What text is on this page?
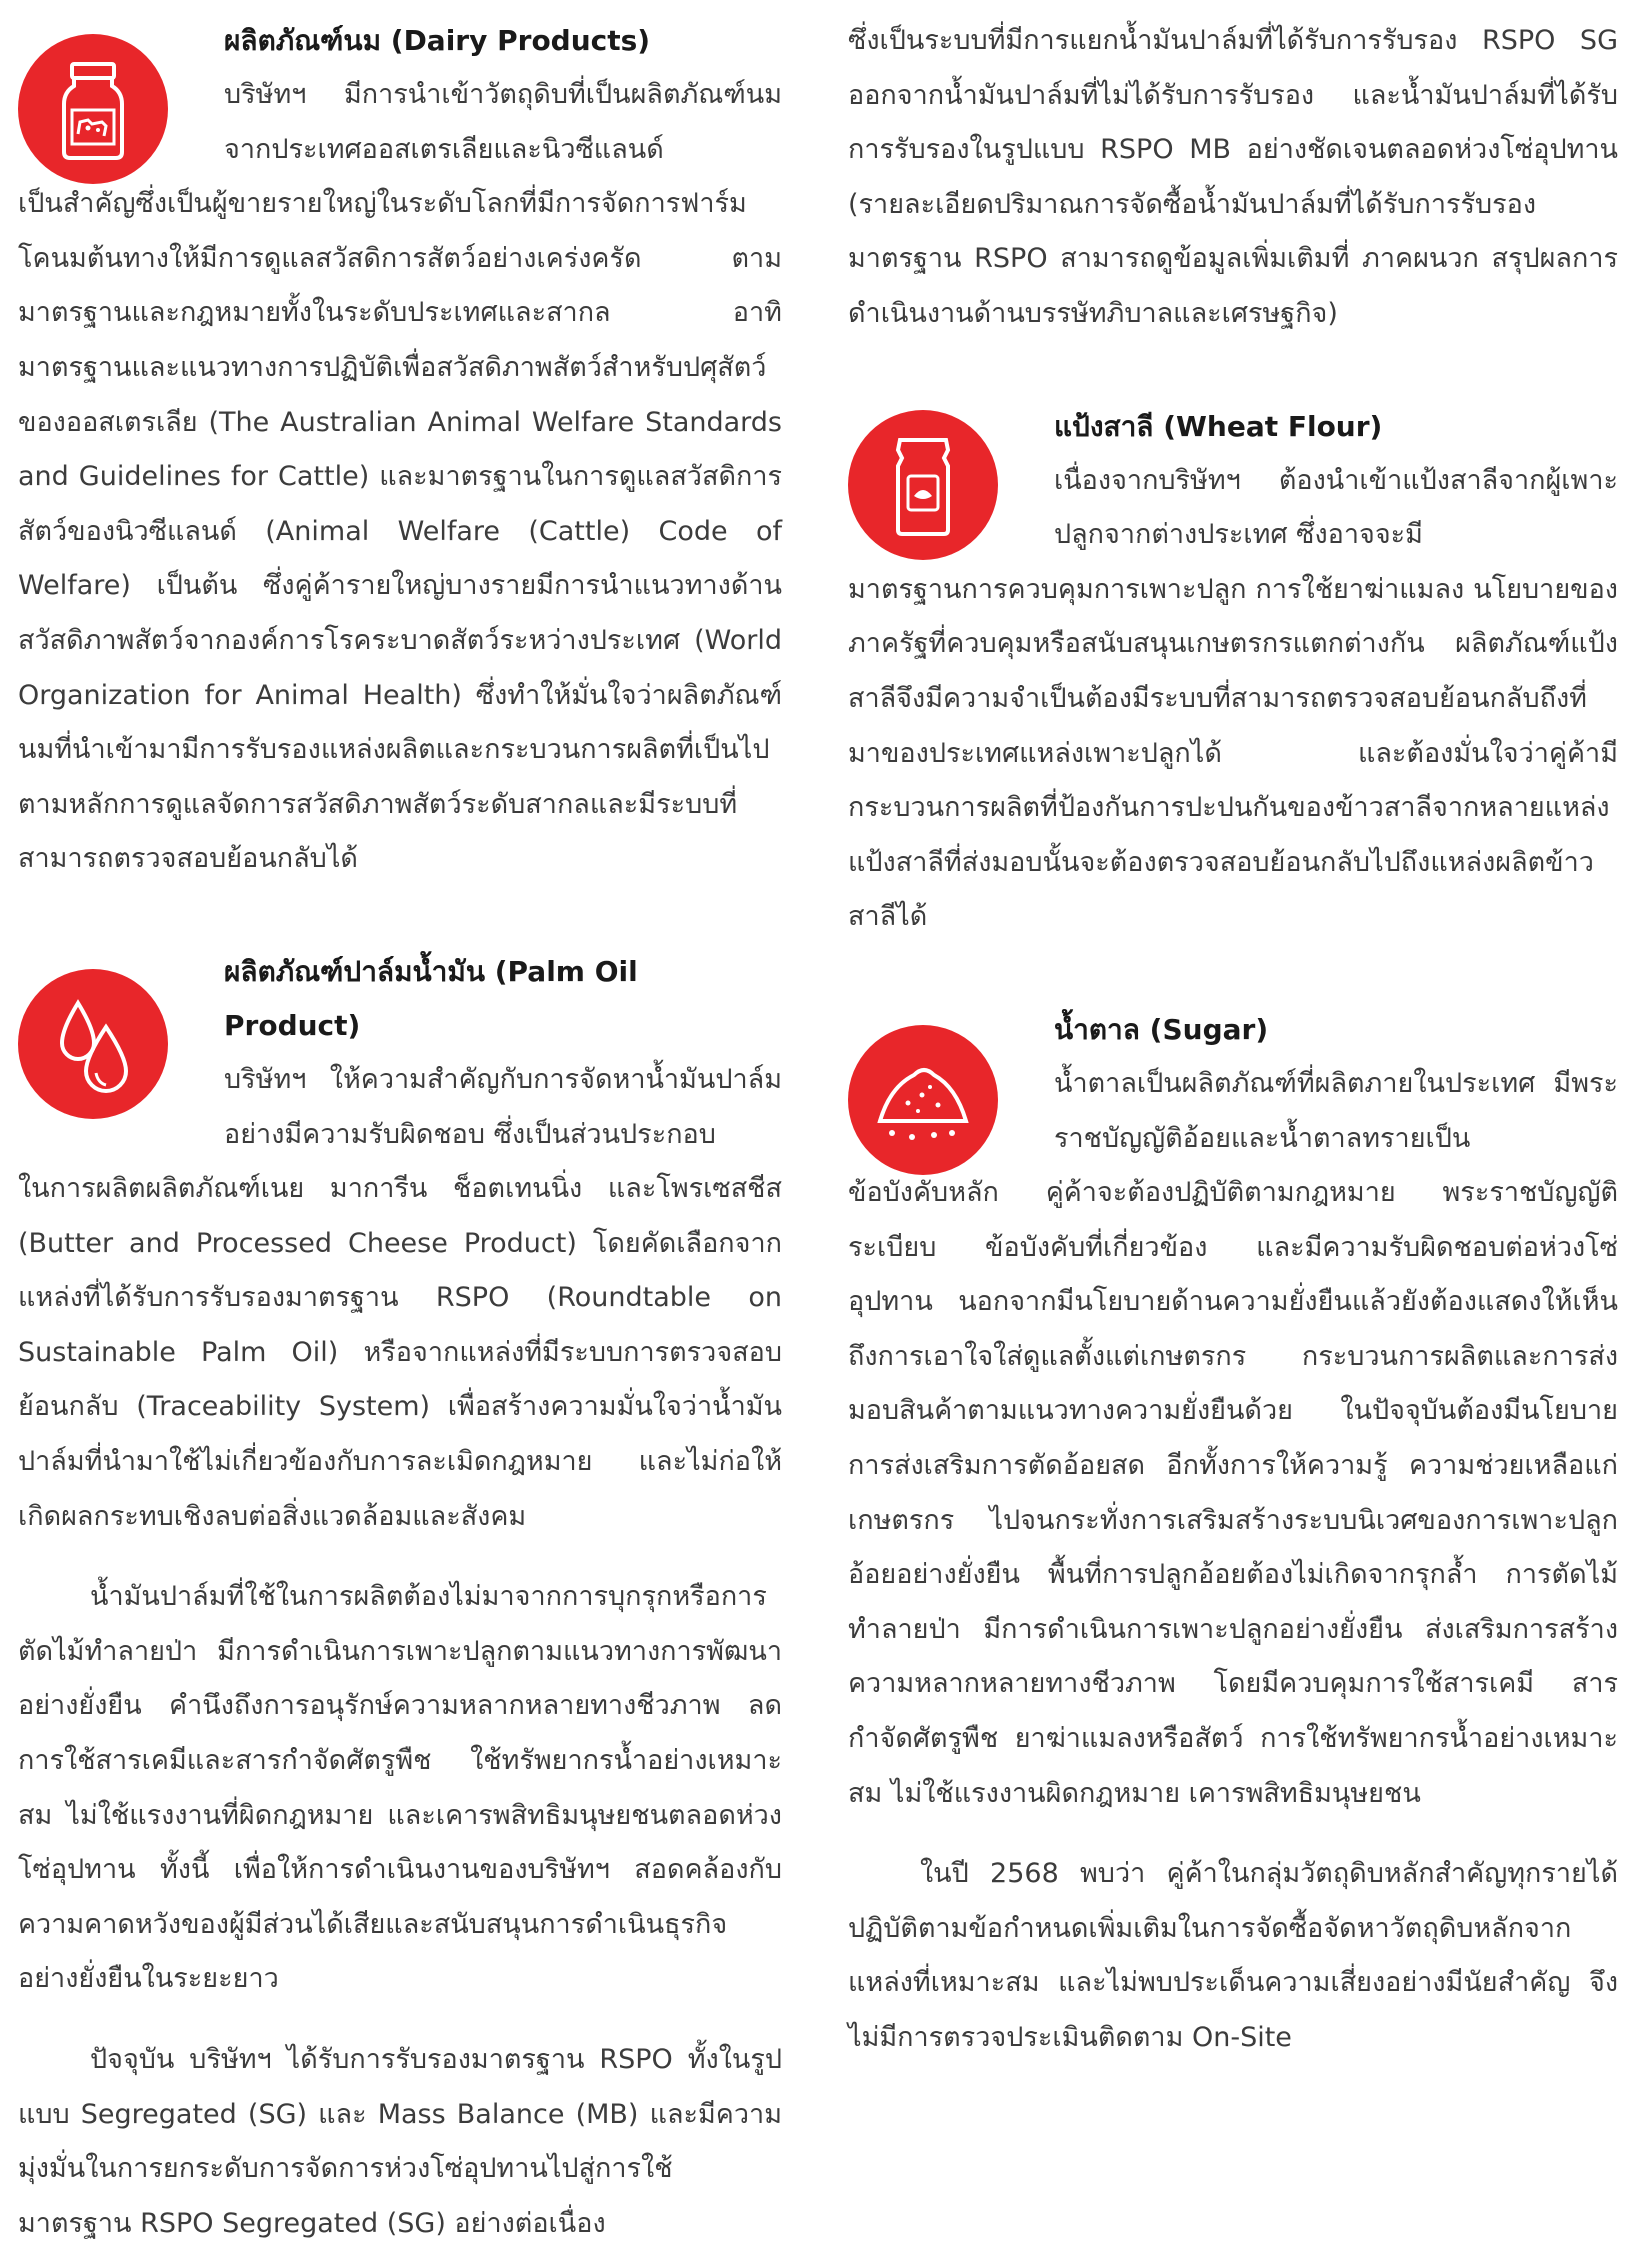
ผลิตภัณฑ์นม (Dairy Products)

บริษัทฯ มีการนำเข้าวัตถุดิบที่เป็นผลิตภัณฑ์นมจากประเทศออสเตรเลียและนิวซีแลนด์

เป็นสำคัญซึ่งเป็นผู้ขายรายใหญ่ในระดับโลกที่มีการจัดการฟาร์มโคนมต้นทางให้มีการดูแลสวัสดิการสัตว์อย่างเคร่งครัด ตามมาตรฐานและกฎหมายทั้งในระดับประเทศและสากล อาทิ มาตรฐานและแนวทางการปฏิบัติเพื่อสวัสดิภาพสัตว์สำหรับปศุสัตว์ของออสเตรเลีย (The Australian Animal Welfare Standards and Guidelines for Cattle) และมาตรฐานในการดูแลสวัสดิการสัตว์ของนิวซีแลนด์ (Animal Welfare (Cattle) Code of Welfare) เป็นต้น ซึ่งคู่ค้ารายใหญ่บางรายมีการนำแนวทางด้านสวัสดิภาพสัตว์จากองค์การโรคระบาดสัตว์ระหว่างประเทศ (World Organization for Animal Health) ซึ่งทำให้มั่นใจว่าผลิตภัณฑ์นมที่นำเข้ามามีการรับรองแหล่งผลิตและกระบวนการผลิตที่เป็นไปตามหลักการดูแลจัดการสวัสดิภาพสัตว์ระดับสากลและมีระบบที่สามารถตรวจสอบย้อนกลับได้

ผลิตภัณฑ์ปาล์มน้ำมัน (Palm Oil Product)

บริษัทฯ ให้ความสำคัญกับการจัดหาน้ำมันปาล์มอย่างมีความรับผิดชอบ ซึ่งเป็นส่วนประกอบ

ในการผลิตผลิตภัณฑ์เนย มาการีน ช็อตเทนนิ่ง และโพรเซสชีส (Butter and Processed Cheese Product) โดยคัดเลือกจากแหล่งที่ได้รับการรับรองมาตรฐาน RSPO (Roundtable on Sustainable Palm Oil) หรือจากแหล่งที่มีระบบการตรวจสอบย้อนกลับ (Traceability System) เพื่อสร้างความมั่นใจว่าน้ำมันปาล์มที่นำมาใช้ไม่เกี่ยวข้องกับการละเมิดกฎหมาย และไม่ก่อให้เกิดผลกระทบเชิงลบต่อสิ่งแวดล้อมและสังคม

น้ำมันปาล์มที่ใช้ในการผลิตต้องไม่มาจากการบุกรุกหรือการตัดไม้ทำลายป่า มีการดำเนินการเพาะปลูกตามแนวทางการพัฒนาอย่างยั่งยืน คำนึงถึงการอนุรักษ์ความหลากหลายทางชีวภาพ ลดการใช้สารเคมีและสารกำจัดศัตรูพืช ใช้ทรัพยากรน้ำอย่างเหมาะสม ไม่ใช้แรงงานที่ผิดกฎหมาย และเคารพสิทธิมนุษยชนตลอดห่วงโซ่อุปทาน ทั้งนี้ เพื่อให้การดำเนินงานของบริษัทฯ สอดคล้องกับความคาดหวังของผู้มีส่วนได้เสียและสนับสนุนการดำเนินธุรกิจอย่างยั่งยืนในระยะยาว

ปัจจุบัน บริษัทฯ ได้รับการรับรองมาตรฐาน RSPO ทั้งในรูปแบบ Segregated (SG) และ Mass Balance (MB) และมีความมุ่งมั่นในการยกระดับการจัดการห่วงโซ่อุปทานไปสู่การใช้มาตรฐาน RSPO Segregated (SG) อย่างต่อเนื่อง

ซึ่งเป็นระบบที่มีการแยกน้ำมันปาล์มที่ได้รับการรับรอง RSPO SG ออกจากน้ำมันปาล์มที่ไม่ได้รับการรับรอง และน้ำมันปาล์มที่ได้รับการรับรองในรูปแบบ RSPO MB อย่างชัดเจนตลอดห่วงโซ่อุปทาน (รายละเอียดปริมาณการจัดซื้อน้ำมันปาล์มที่ได้รับการรับรองมาตรฐาน RSPO สามารถดูข้อมูลเพิ่มเติมที่ ภาคผนวก สรุปผลการดำเนินงานด้านบรรษัทภิบาลและเศรษฐกิจ)

แป้งสาลี (Wheat Flour)

เนื่องจากบริษัทฯ ต้องนำเข้าแป้งสาลีจากผู้เพาะปลูกจากต่างประเทศ ซึ่งอาจจะมี

มาตรฐานการควบคุมการเพาะปลูก การใช้ยาฆ่าแมลง นโยบายของภาครัฐที่ควบคุมหรือสนับสนุนเกษตรกรแตกต่างกัน ผลิตภัณฑ์แป้งสาลีจึงมีความจำเป็นต้องมีระบบที่สามารถตรวจสอบย้อนกลับถึงที่มาของประเทศแหล่งเพาะปลูกได้ และต้องมั่นใจว่าคู่ค้ามีกระบวนการผลิตที่ป้องกันการปะปนกันของข้าวสาลีจากหลายแหล่ง แป้งสาลีที่ส่งมอบนั้นจะต้องตรวจสอบย้อนกลับไปถึงแหล่งผลิตข้าวสาลีได้

น้ำตาล (Sugar)

น้ำตาลเป็นผลิตภัณฑ์ที่ผลิตภายในประเทศ มีพระราชบัญญัติอ้อยและน้ำตาลทรายเป็น

ข้อบังคับหลัก คู่ค้าจะต้องปฏิบัติตามกฎหมาย พระราชบัญญัติ ระเบียบ ข้อบังคับที่เกี่ยวข้อง และมีความรับผิดชอบต่อห่วงโซ่อุปทาน นอกจากมีนโยบายด้านความยั่งยืนแล้วยังต้องแสดงให้เห็นถึงการเอาใจใส่ดูแลตั้งแต่เกษตรกร กระบวนการผลิตและการส่งมอบสินค้าตามแนวทางความยั่งยืนด้วย ในปัจจุบันต้องมีนโยบายการส่งเสริมการตัดอ้อยสด อีกทั้งการให้ความรู้ ความช่วยเหลือแก่เกษตรกร ไปจนกระทั่งการเสริมสร้างระบบนิเวศของการเพาะปลูกอ้อยอย่างยั่งยืน พื้นที่การปลูกอ้อยต้องไม่เกิดจากรุกล้ำ การตัดไม้ทำลายป่า มีการดำเนินการเพาะปลูกอย่างยั่งยืน ส่งเสริมการสร้างความหลากหลายทางชีวภาพ โดยมีควบคุมการใช้สารเคมี สารกำจัดศัตรูพืช ยาฆ่าแมลงหรือสัตว์ การใช้ทรัพยากรน้ำอย่างเหมาะสม ไม่ใช้แรงงานผิดกฎหมาย เคารพสิทธิมนุษยชน

ในปี 2568 พบว่า คู่ค้าในกลุ่มวัตถุดิบหลักสำคัญทุกรายได้ปฏิบัติตามข้อกำหนดเพิ่มเติมในการจัดซื้อจัดหาวัตถุดิบหลักจากแหล่งที่เหมาะสม และไม่พบประเด็นความเสี่ยงอย่างมีนัยสำคัญ จึงไม่มีการตรวจประเมินติดตาม On-Site
